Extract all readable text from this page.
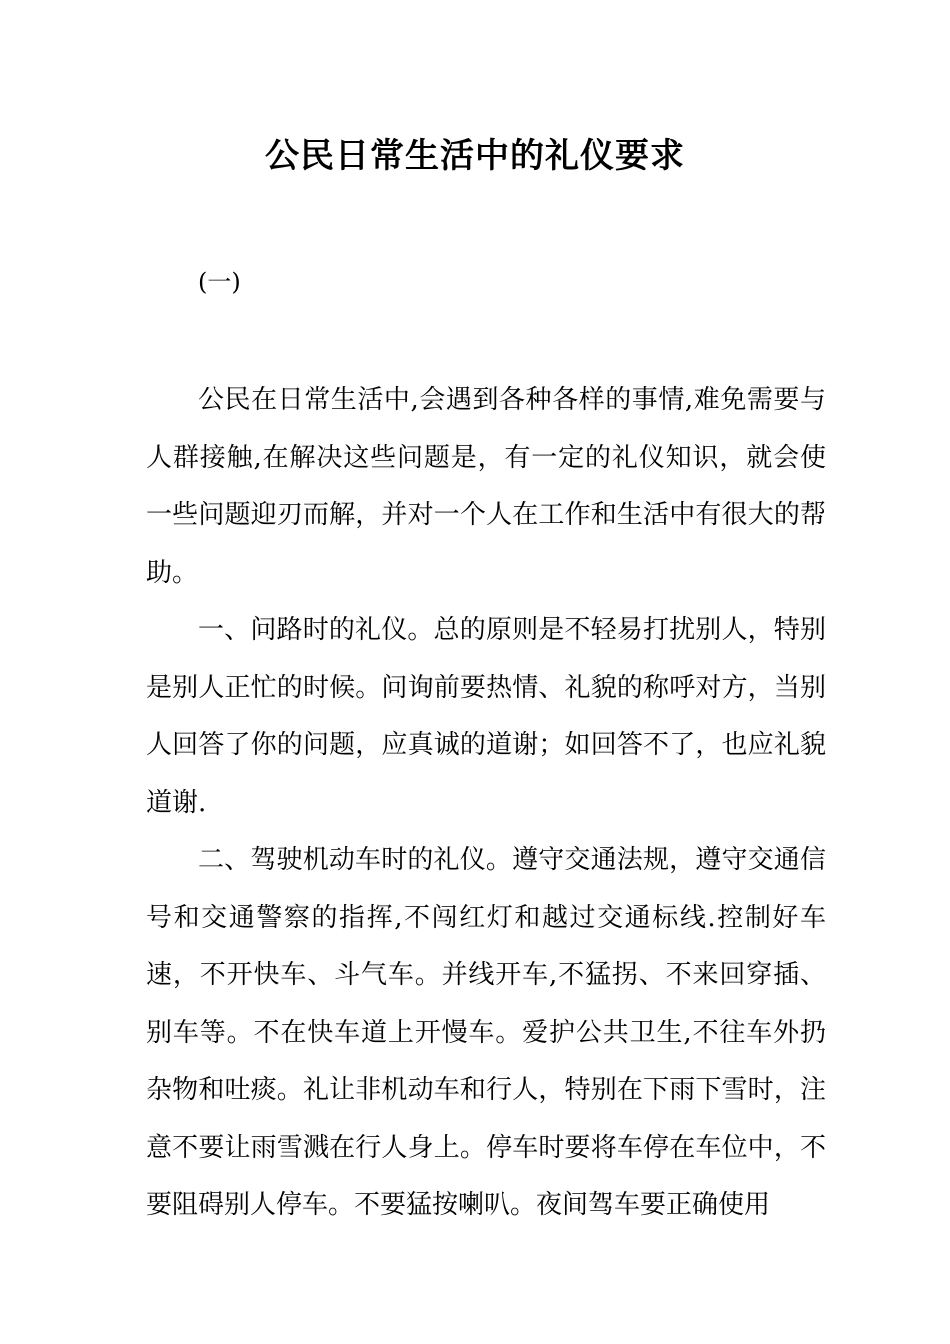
公民日常生活中的礼仪要求
(一)

公民在日常生活中,会遇到各种各样的事情,难免需要与人群接触,在解决这些问题是，有一定的礼仪知识，就会使一些问题迎刃而解，并对一个人在工作和生活中有很大的帮助。

一、问路时的礼仪。总的原则是不轻易打扰别人，特别是别人正忙的时候。问询前要热情、礼貌的称呼对方，当别人回答了你的问题，应真诚的道谢；如回答不了，也应礼貌道谢.

二、驾驶机动车时的礼仪。遵守交通法规，遵守交通信号和交通警察的指挥,不闯红灯和越过交通标线.控制好车速，不开快车、斗气车。并线开车,不猛拐、不来回穿插、别车等。不在快车道上开慢车。爱护公共卫生,不往车外扔杂物和吐痰。礼让非机动车和行人，特别在下雨下雪时，注意不要让雨雪溅在行人身上。停车时要将车停在车位中，不要阻碍别人停车。不要猛按喇叭。夜间驾车要正确使用
